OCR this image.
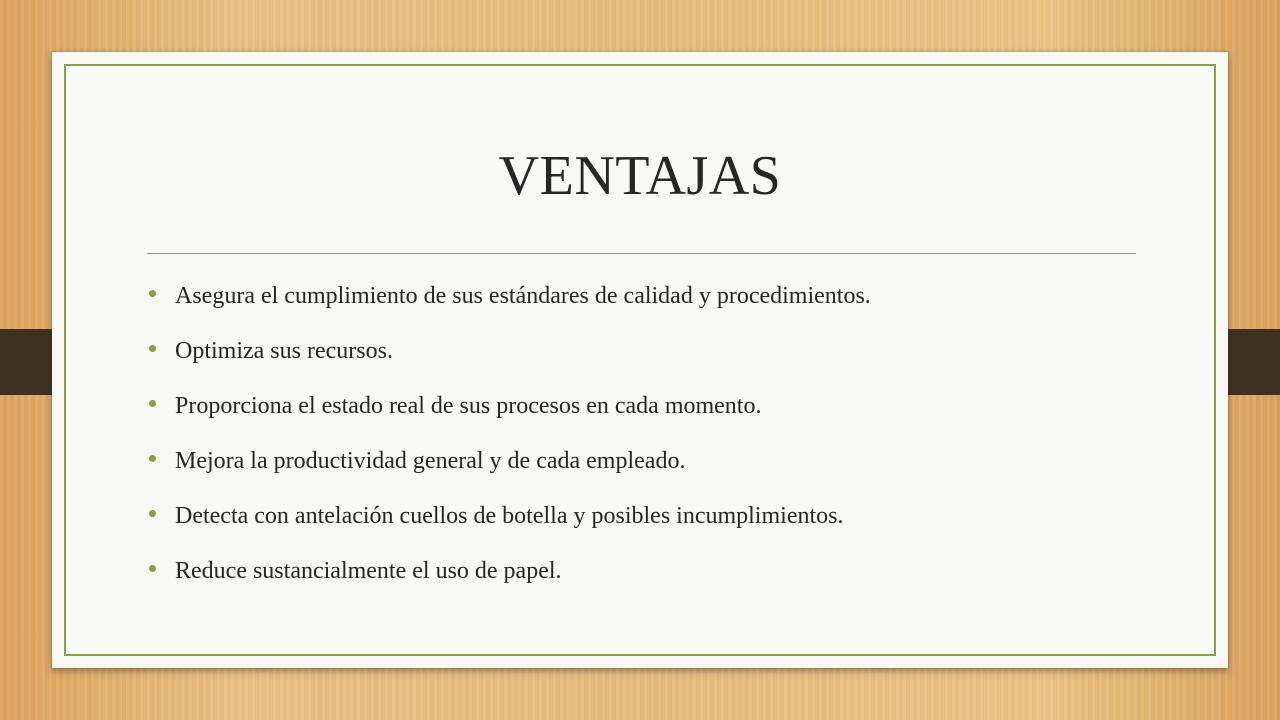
VENTAJAS
Asegura el cumplimiento de sus estándares de calidad y procedimientos.
Optimiza sus recursos.
Proporciona el estado real de sus procesos en cada momento.
Mejora la productividad general y de cada empleado.
Detecta con antelación cuellos de botella y posibles incumplimientos.
Reduce sustancialmente el uso de papel.
